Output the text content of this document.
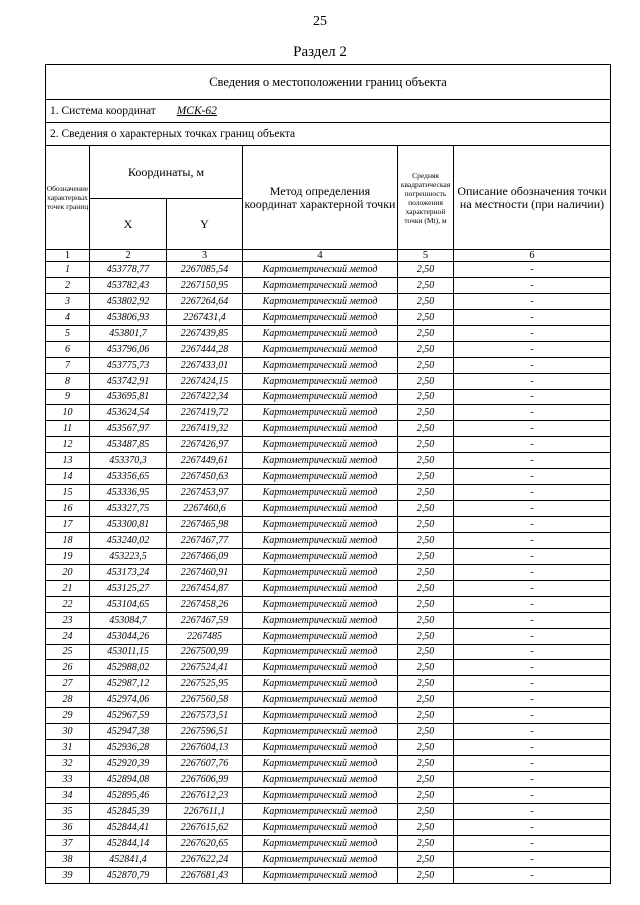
25
Раздел 2
Сведения о местоположении границ объекта					
1. Система координат МСК-62					
2. Сведения о характерных точках границ объекта					
Обозначение характерных точек границ	Координаты, м		Метод определения координат характерной точки	Средняя квадратическая погрешность положения характерной точки (Mt), м	Описание обозначения точки на местности (при наличии)
	X	Y			
1	2	3	4	5	6
1	453778,77	2267085,54	Картометрический метод	2,50	-
2	453782,43	2267150,95	Картометрический метод	2,50	-
3	453802,92	2267264,64	Картометрический метод	2,50	-
4	453806,93	2267431,4	Картометрический метод	2,50	-
5	453801,7	2267439,85	Картометрический метод	2,50	-
6	453796,06	2267444,28	Картометрический метод	2,50	-
7	453775,73	2267433,01	Картометрический метод	2,50	-
8	453742,91	2267424,15	Картометрический метод	2,50	-
9	453695,81	2267422,34	Картометрический метод	2,50	-
10	453624,54	2267419,72	Картометрический метод	2,50	-
11	453567,97	2267419,32	Картометрический метод	2,50	-
12	453487,85	2267426,97	Картометрический метод	2,50	-
13	453370,3	2267449,61	Картометрический метод	2,50	-
14	453356,65	2267450,63	Картометрический метод	2,50	-
15	453336,95	2267453,97	Картометрический метод	2,50	-
16	453327,75	2267460,6	Картометрический метод	2,50	-
17	453300,81	2267465,98	Картометрический метод	2,50	-
18	453240,02	2267467,77	Картометрический метод	2,50	-
19	453223,5	2267466,09	Картометрический метод	2,50	-
20	453173,24	2267460,91	Картометрический метод	2,50	-
21	453125,27	2267454,87	Картометрический метод	2,50	-
22	453104,65	2267458,26	Картометрический метод	2,50	-
23	453084,7	2267467,59	Картометрический метод	2,50	-
24	453044,26	2267485	Картометрический метод	2,50	-
25	453011,15	2267500,99	Картометрический метод	2,50	-
26	452988,02	2267524,41	Картометрический метод	2,50	-
27	452987,12	2267525,95	Картометрический метод	2,50	-
28	452974,06	2267560,58	Картометрический метод	2,50	-
29	452967,59	2267573,51	Картометрический метод	2,50	-
30	452947,38	2267596,51	Картометрический метод	2,50	-
31	452936,28	2267604,13	Картометрический метод	2,50	-
32	452920,39	2267607,76	Картометрический метод	2,50	-
33	452894,08	2267606,99	Картометрический метод	2,50	-
34	452895,46	2267612,23	Картометрический метод	2,50	-
35	452845,39	2267611,1	Картометрический метод	2,50	-
36	452844,41	2267615,62	Картометрический метод	2,50	-
37	452844,14	2267620,65	Картометрический метод	2,50	-
38	452841,4	2267622,24	Картометрический метод	2,50	-
39	452870,79	2267681,43	Картометрический метод	2,50	-
